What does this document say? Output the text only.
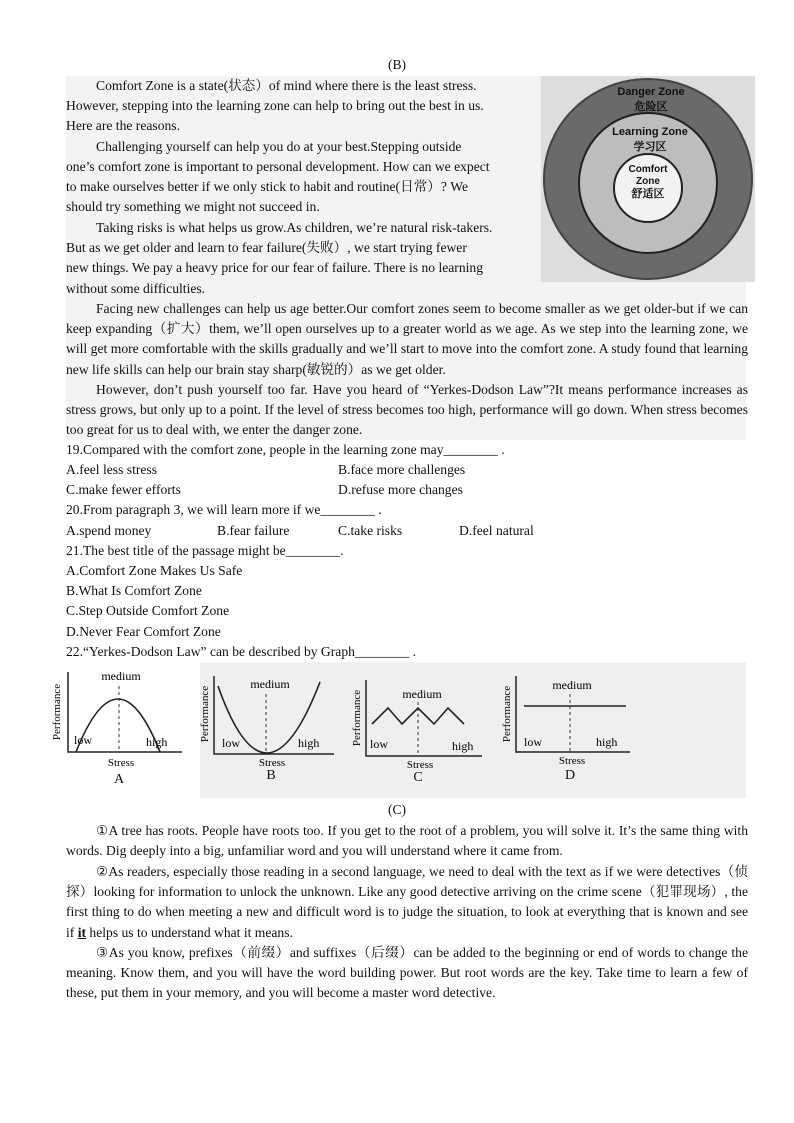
(B)
Danger Zone
危险区
Learning Zone
学习区
Comfort
Zone
舒适区
Comfort Zone is a state(状态）of mind where there is the least stress.
However, stepping into the learning zone can help to bring out the best in us.
Here are the reasons.
Challenging yourself can help you do at your best.Stepping outside
one’s comfort zone is important to personal development. How can we expect
to make ourselves better if we only stick to habit and routine(日常）? We
should try something we might not succeed in.
Taking risks is what helps us grow.As children, we’re natural risk-takers.
But as we get older and learn to fear failure(失败）, we start trying fewer
new things. We pay a heavy price for our fear of failure. There is no learning
without some difficulties.
Facing new challenges can help us age better.Our comfort zones seem to become smaller as we get older-but if we can keep expanding（扩大）them, we’ll open ourselves up to a greater world as we age. As we step into the learning zone, we will get more comfortable with the skills gradually and we’ll start to move into the comfort zone. A study found that learning new life skills can help our brain stay sharp(敏锐的）as we get older.
However, don’t push yourself too far. Have you heard of “Yerkes-Dodson Law”?It means performance increases as stress grows, but only up to a point. If the level of stress becomes too high, performance will go down. When stress becomes too great for us to deal with, we enter the danger zone.
19.Compared with the comfort zone, people in the learning zone may________ .
A.feel less stress	B.face more challenges
C.make fewer efforts	D.refuse more changes
20.From paragraph 3, we will learn more if we________ .
A.spend money	B.fear failure	C.take risks	D.feel natural
21.The best title of the passage might be________.
A.Comfort Zone Makes Us Safe
B.What Is Comfort Zone
C.Step Outside Comfort Zone
D.Never Fear Comfort Zone
22.“Yerkes-Dodson Law” can be described by Graph________ .
Performance
medium
low	high
Stress
A
Performance
medium
low	high
Stress
B
Performance	medium
low	high
Stress
C
Performance
medium
low	high
Stress
D
(C)
①A tree has roots. People have roots too. If you get to the root of a problem, you will solve it. It’s the same thing with words. Dig deeply into a big, unfamiliar word and you will understand where it came from.
②As readers, especially those reading in a second language, we need to deal with the text as if we were detectives（侦探）looking for information to unlock the unknown. Like any good detective arriving on the crime scene（犯罪现场）, the first thing to do when meeting a new and difficult word is to judge the situation, to look at everything that is known and see if it helps us to understand what it means.
③As you know, prefixes（前缀）and suffixes（后缀）can be added to the beginning or end of words to change the meaning. Know them, and you will have the word building power. But root words are the key. Take time to learn a few of these, put them in your memory, and you will become a master word detective.
